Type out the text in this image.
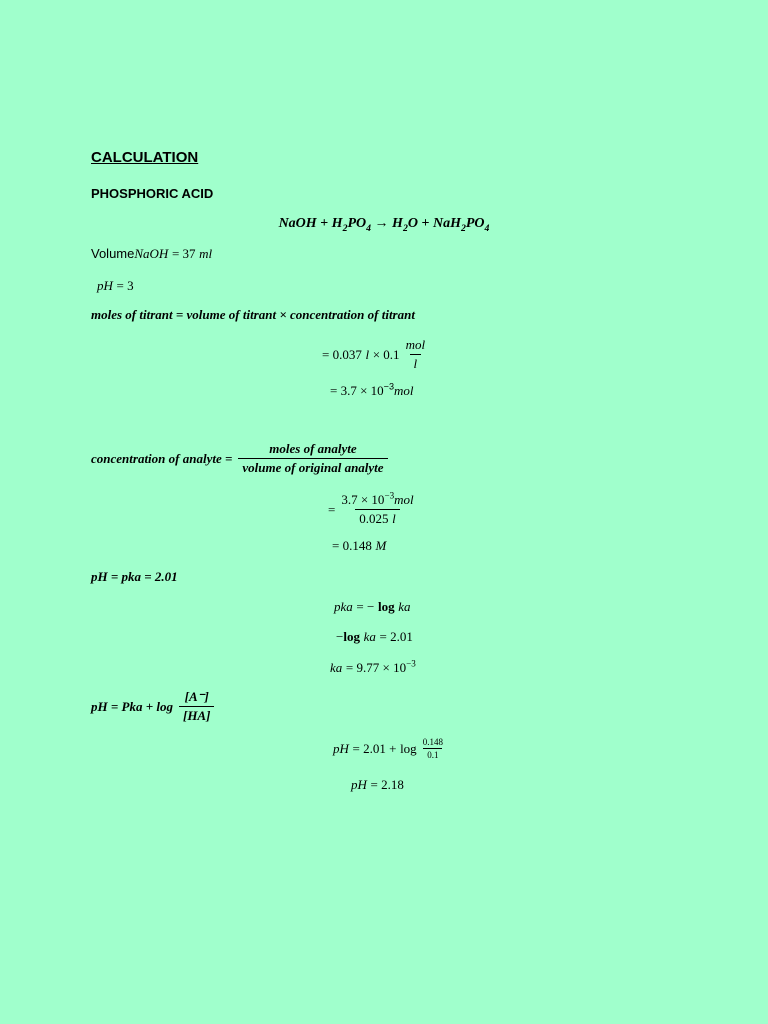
CALCULATION
PHOSPHORIC ACID
NaOH + $H_2PO_4 \to H_2O + NaH_2PO_4$
VolumeNaOH = 37 ml
pH = 3
moles of titrant = volume of titrant × concentration of titrant
= 0.037
l
× $0.1 \frac{\text{mol}}{l}$
= $3.7 \times 10^{-3}mol$
concentration of analyte = $\frac{\text{moles of analyte}}{\text{volume of original analyte}}$
= $\frac{3.7 \times 10^{-3}mol}{0.025 l}$
= 0.148 M
pH = pka = 2.01
pka = − log ka
−log ka = 2.01
ka = $9.77 \times 10^{-3}$
pH = Pka + $\log \frac{[A^-]}{[HA]}$
pH
= 2.01 +
$\log \frac{0.148}{0.1}$
pH = 2.18
